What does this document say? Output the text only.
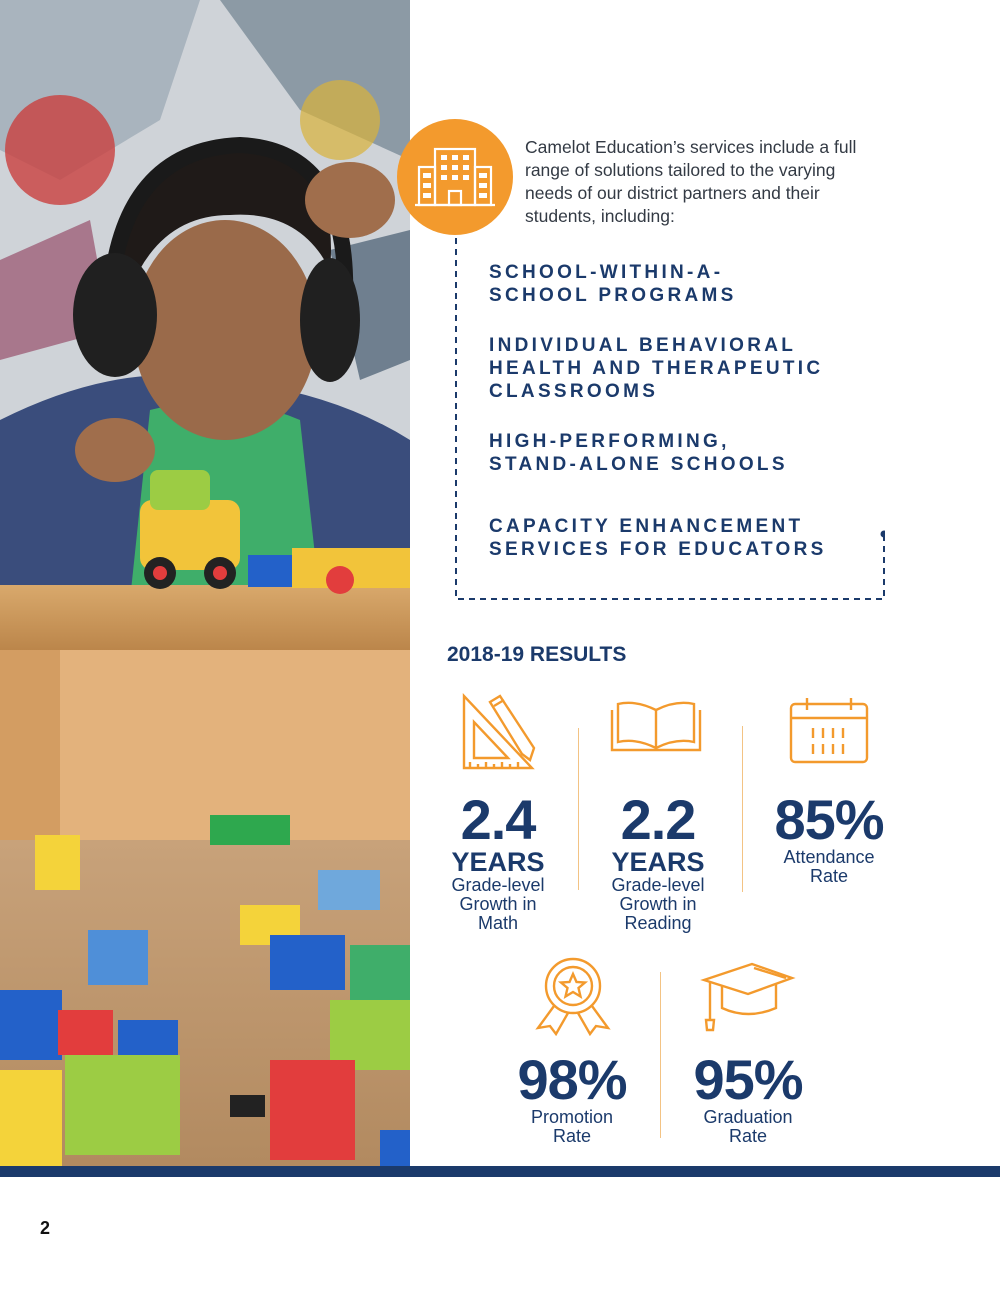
Camelot Education’s services include a full range of solutions tailored to the varying needs of our district partners and their students, including:
SCHOOL-WITHIN-A-
SCHOOL PROGRAMS
INDIVIDUAL BEHAVIORAL
HEALTH AND THERAPEUTIC
CLASSROOMS
HIGH-PERFORMING,
STAND-ALONE SCHOOLS
CAPACITY ENHANCEMENT
SERVICES FOR EDUCATORS
2018-19 RESULTS
2.4
YEARS
Grade-level
Growth in
Math
2.2
YEARS
Grade-level
Growth in
Reading
85%
Attendance
Rate
98%
Promotion
Rate
95%
Graduation
Rate
2
